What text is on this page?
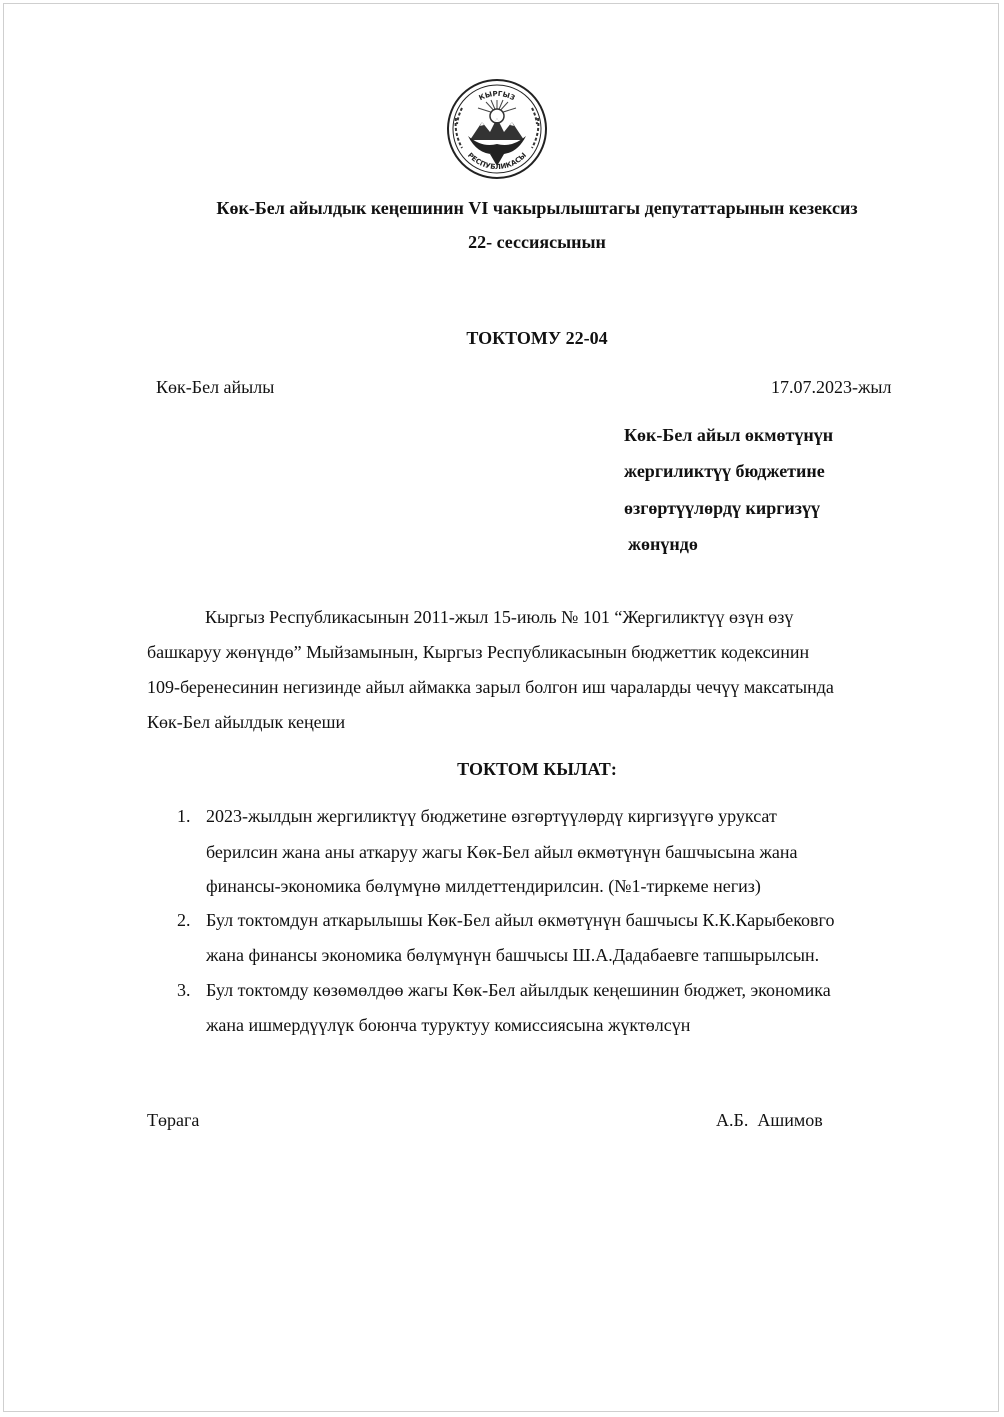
КЫРГЫЗ
РЕСПУБЛИКАСЫ
Көк-Бел айылдык кеңешинин VI чакырылыштагы депутаттарынын кезексиз
22- сессиясынын
ТОКТОМУ 22-04
Көк-Бел айылы	17.07.2023-жыл
Көк-Бел айыл өкмөтүнүн
жергиликтүү бюджетине
өзгөртүүлөрдү киргизүү
жөнүндө
Кыргыз Республикасынын 2011-жыл 15-июль № 101 “Жергиликтүү өзүн өзү
башкаруу жөнүндө” Мыйзамынын, Кыргыз Республикасынын бюджеттик кодексинин
109-беренесинин негизинде айыл аймакка зарыл болгон иш чараларды чечүү максатында
Көк-Бел айылдык кеңеши
ТОКТОМ КЫЛАТ:
1. 2023-жылдын жергиликтүү бюджетине өзгөртүүлөрдү киргизүүгө уруксат
берилсин жана аны аткаруу жагы Көк-Бел айыл өкмөтүнүн башчысына жана
финансы-экономика бөлүмүнө милдеттендирилсин. (№1-тиркеме негиз)
2. Бул токтомдун аткарылышы Көк-Бел айыл өкмөтүнүн башчысы К.К.Карыбековго
жана финансы экономика бөлүмүнүн башчысы Ш.А.Дадабаевге тапшырылсын.
3. Бул токтомду көзөмөлдөө жагы Көк-Бел айылдык кеңешинин бюджет, экономика
жана ишмердүүлүк боюнча туруктуу комиссиясына жүктөлсүн
Төрага	А.Б.  Ашимов
